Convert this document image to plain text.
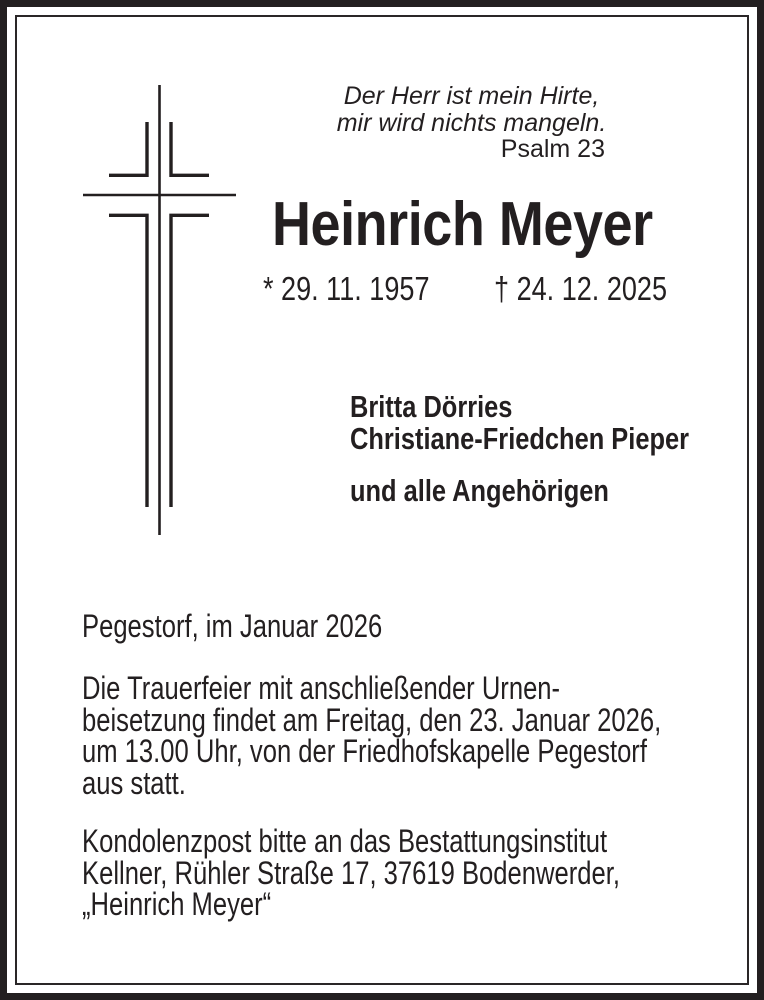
Der Herr ist mein Hirte,
mir wird nichts mangeln.
Psalm 23
Heinrich Meyer
* 29. 11. 1957 † 24. 12. 2025
Britta Dörries
Christiane-Friedchen Pieper
und alle Angehörigen
Pegestorf, im Januar 2026
Die Trauerfeier mit anschließender Urnen-
beisetzung findet am Freitag, den 23. Januar 2026,
um 13.00 Uhr, von der Friedhofskapelle Pegestorf
aus statt.
Kondolenzpost bitte an das Bestattungsinstitut
Kellner, Rühler Straße 17, 37619 Bodenwerder,
„Heinrich Meyer“
